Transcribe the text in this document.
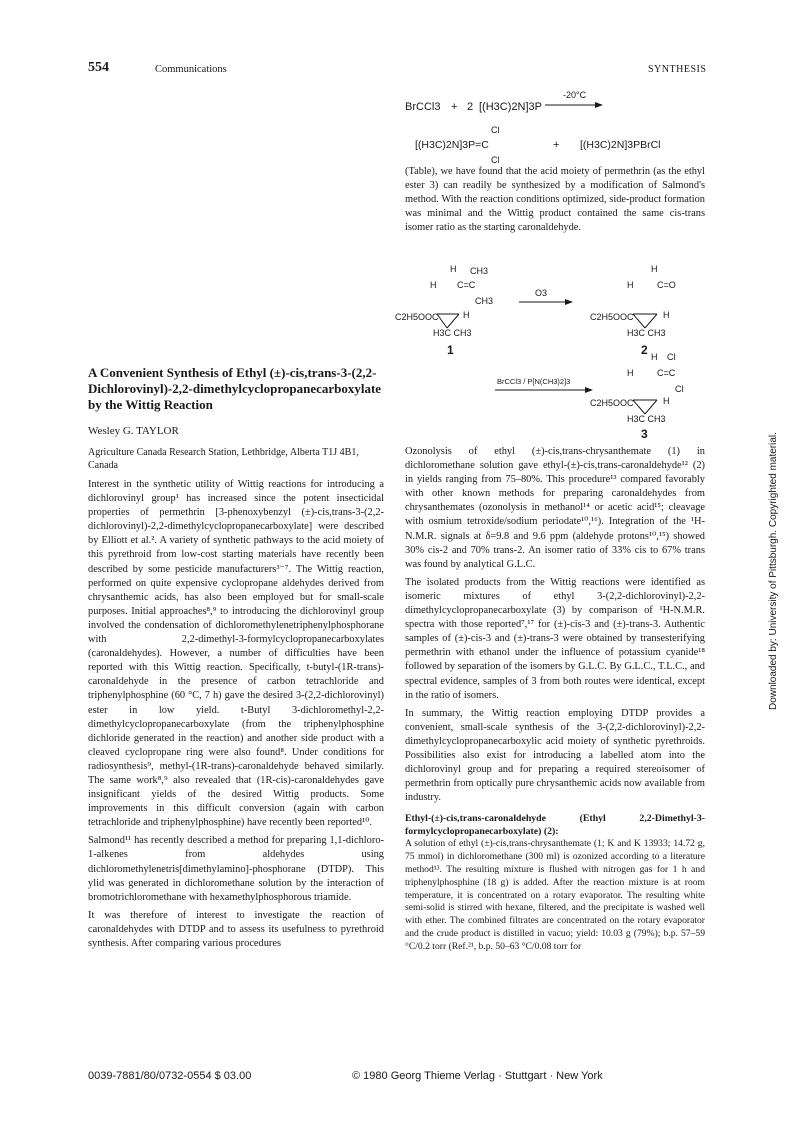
554	Communications	SYNTHESIS
BrCCl3 + 2 [(H3C)2N]3P
-20°C
Cl
[(H3C)2N]3P=C
Cl
+ [(H3C)2N]3PBrCl

(Table), we have found that the acid moiety of permethrin (as the ethyl ester 3) can readily be synthesized by a modification of Salmond's method. With the reaction conditions optimized, side-product formation was minimal and the Wittig product contained the same cis-trans isomer ratio as the starting caronaldehyde.

H CH3
H C=C
CH3
C2H5OOC	H
H3C CH3
1
O3
H
H	C=O
C2H5OOC	H
H3C CH3
2
BrCCl3 / P[N(CH3)2]3
H Cl
H	C=C
Cl
C2H5OOC	H
H3C CH3
3
A Convenient Synthesis of Ethyl (±)-cis,trans-3-(2,2-Dichlorovinyl)-2,2-dimethylcyclopropanecarboxylate by the Wittig Reaction
Wesley G. TAYLOR
Agriculture Canada Research Station, Lethbridge, Alberta T1J 4B1, Canada

Interest in the synthetic utility of Wittig reactions for introducing a dichlorovinyl group¹ has increased since the potent insecticidal properties of permethrin [3-phenoxybenzyl (±)-cis,trans-3-(2,2-dichlorovinyl)-2,2-dimethylcyclopropanecarboxylate] were described by Elliott et al.². A variety of synthetic pathways to the acid moiety of this pyrethroid from low-cost starting materials have recently been described by some pesticide manufacturers³⁻⁷. The Wittig reaction, performed on quite expensive cyclopropane aldehydes derived from chrysanthemic acids, has also been employed but for small-scale purposes. Initial approaches⁸,⁹ to introducing the dichlorovinyl group involved the condensation of dichloromethylenetriphenylphosphorane with 2,2-dimethyl-3-formylcyclopropanecarboxylates (caronaldehydes). However, a number of difficulties have been reported with this Wittig reaction. Specifically, t-butyl-(1R-trans)-caronaldehyde in the presence of carbon tetrachloride and triphenylphosphine (60 °C, 7 h) gave the desired 3-(2,2-dichlorovinyl) ester in low yield. t-Butyl 3-dichloromethyl-2,2-dimethylcyclopropanecarboxylate (from the triphenylphosphine dichloride generated in the reaction) and another side product with a cleaved cyclopropane ring were also found⁸. Under conditions for radiosynthesis⁹, methyl-(1R-trans)-caronaldehyde behaved similarly. The same work⁸,⁹ also revealed that (1R-cis)-caronaldehydes gave insignificant yields of the desired Wittig products. Some improvements in this difficult conversion (again with carbon tetrachloride and triphenylphosphine) have recently been reported¹⁰.

Salmond¹¹ has recently described a method for preparing 1,1-dichloro-1-alkenes from aldehydes using dichloromethylenetris[dimethylamino]-phosphorane (DTDP). This ylid was generated in dichloromethane solution by the interaction of bromotrichloromethane with hexamethylphosphorous triamide.

It was therefore of interest to investigate the reaction of caronaldehydes with DTDP and to assess its usefulness to pyrethroid synthesis. After comparing various procedures

Ozonolysis of ethyl (±)-cis,trans-chrysanthemate (1) in dichloromethane solution gave ethyl-(±)-cis,trans-caronaldehyde¹² (2) in yields ranging from 75–80%. This procedure¹³ compared favorably with other known methods for preparing caronaldehydes from chrysanthemates (ozonolysis in methanol¹⁴ or acetic acid¹⁵; cleavage with osmium tetroxide/sodium periodate¹⁰,¹⁶). Integration of the ¹H-N.M.R. signals at δ=9.8 and 9.6 ppm (aldehyde protons¹⁰,¹⁵) showed 30% cis-2 and 70% trans-2. An isomer ratio of 33% cis to 67% trans was found by analytical G.L.C.

The isolated products from the Wittig reactions were identified as isomeric mixtures of ethyl 3-(2,2-dichlorovinyl)-2,2-dimethylcyclopropanecarboxylate (3) by comparison of ¹H-N.M.R. spectra with those reported⁷,¹⁷ for (±)-cis-3 and (±)-trans-3. Authentic samples of (±)-cis-3 and (±)-trans-3 were obtained by transesterifying permethrin with ethanol under the influence of potassium cyanide¹⁸ followed by separation of the isomers by G.L.C. By G.L.C., T.L.C., and spectral evidence, samples of 3 from both routes were identical, except in the ratio of isomers.

In summary, the Wittig reaction employing DTDP provides a convenient, small-scale synthesis of the 3-(2,2-dichlorovinyl)-2,2-dimethylcyclopropanecarboxylic acid moiety of synthetic pyrethroids. Possibilities also exist for introducing a labelled atom into the dichlorovinyl group and for preparing a required stereoisomer of permethrin from optically pure chrysanthemic acids now available from industry.

Ethyl-(±)-cis,trans-caronaldehyde (Ethyl 2,2-Dimethyl-3-formylcyclopropanecarboxylate) (2):
A solution of ethyl (±)-cis,trans-chrysanthemate (1; K and K 13933; 14.72 g, 75 mmol) in dichloromethane (300 ml) is ozonized according to a literature method¹³. The resulting mixture is flushed with nitrogen gas for 1 h and triphenylphosphine (18 g) is added. After the reaction mixture is at room temperature, it is concentrated on a rotary evaporator. The resulting white semi-solid is stirred with hexane, filtered, and the precipitate is washed well with ether. The combined filtrates are concentrated on the rotary evaporator and the crude product is distilled in vacuo; yield: 10.03 g (79%); b.p. 57–59 °C/0.2 torr (Ref.²¹, b.p. 50–63 °C/0.08 torr for
0039-7881/80/0732-0554 $ 03.00	© 1980 Georg Thieme Verlag · Stuttgart · New York
Downloaded by: University of Pittsburgh. Copyrighted material.
